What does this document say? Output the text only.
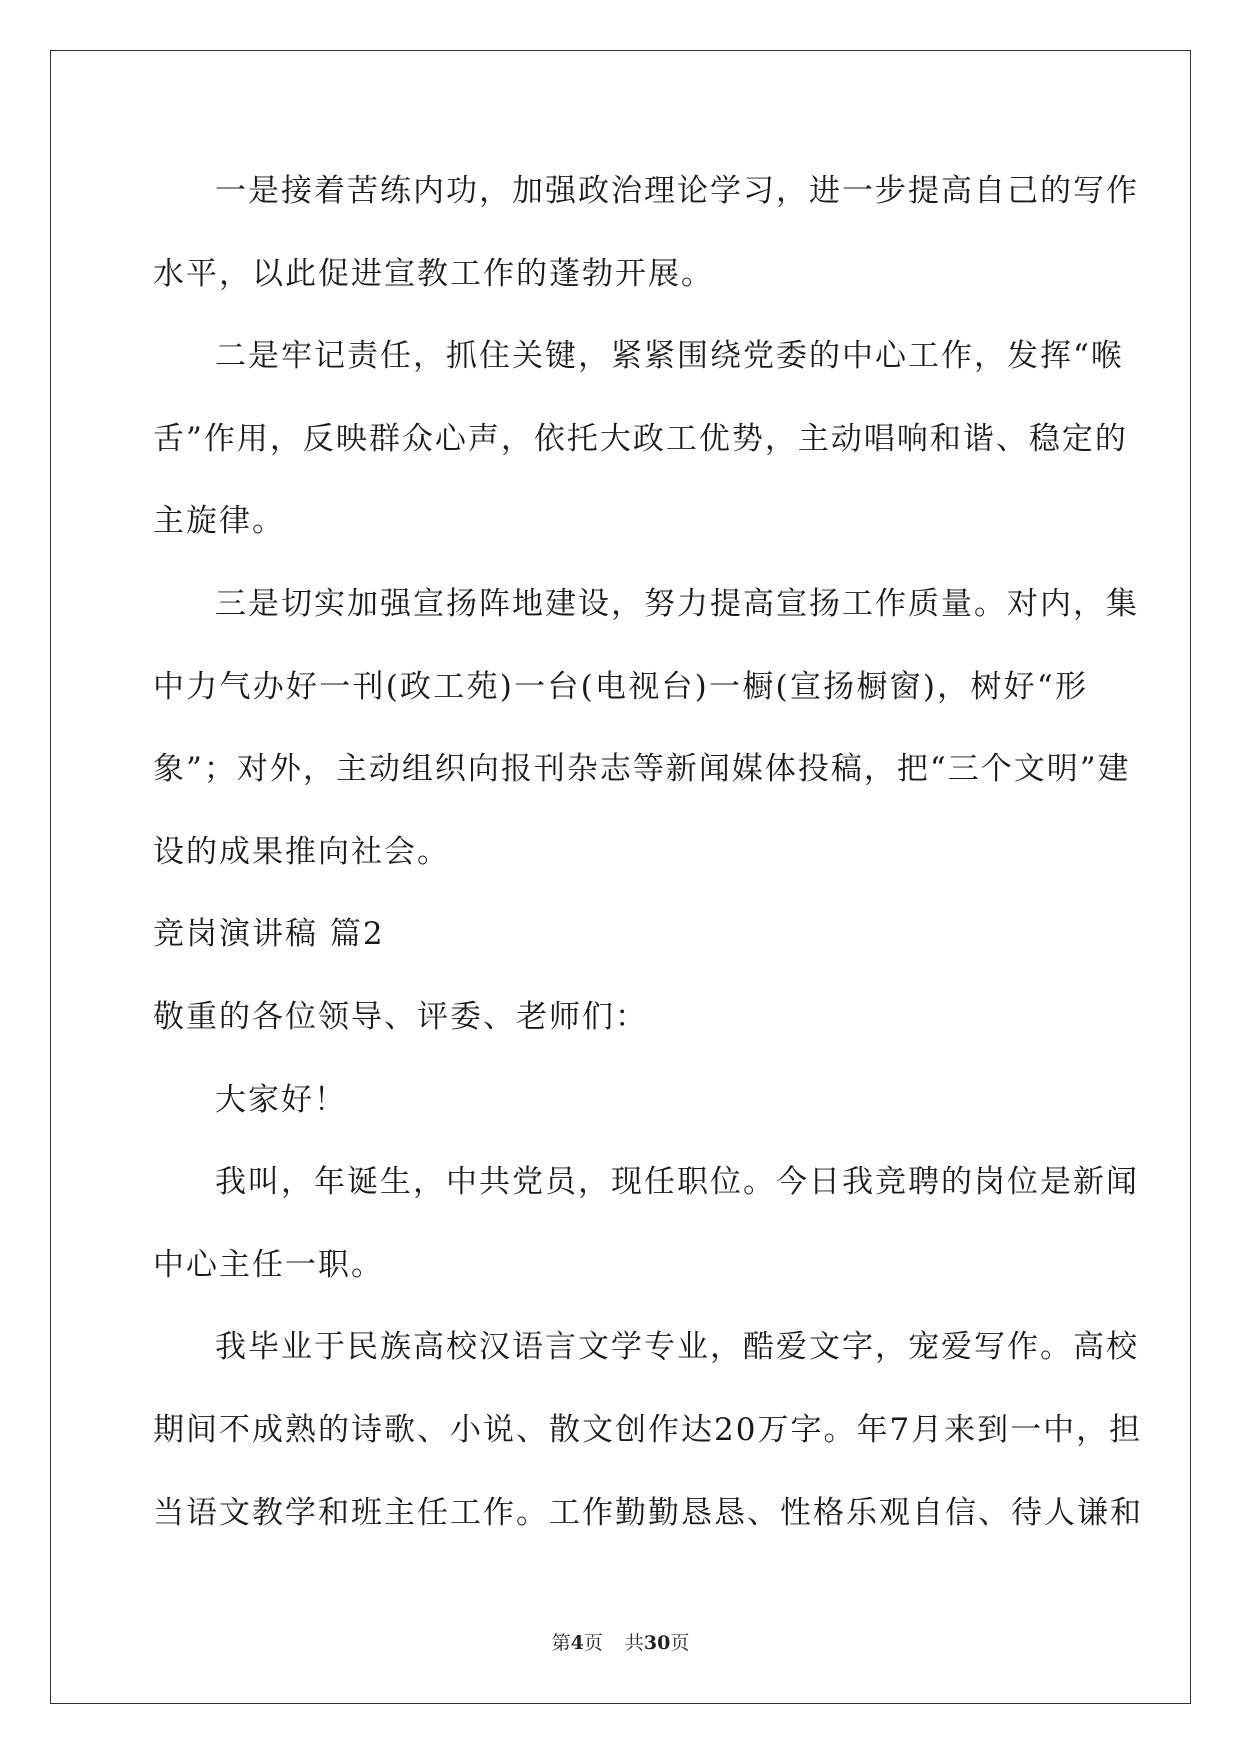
一是接着苦练内功，加强政治理论学习，进一步提高自己的写作
水平，以此促进宣教工作的蓬勃开展。
二是牢记责任，抓住关键，紧紧围绕党委的中心工作，发挥“喉
舌”作用，反映群众心声，依托大政工优势，主动唱响和谐、稳定的
主旋律。
三是切实加强宣扬阵地建设，努力提高宣扬工作质量。对内，集
中力气办好一刊(政工苑)一台(电视台)一橱(宣扬橱窗)，树好“形
象”；对外，主动组织向报刊杂志等新闻媒体投稿，把“三个文明”建
设的成果推向社会。
竞岗演讲稿 篇2
敬重的各位领导、评委、老师们：
大家好！
我叫，年诞生，中共党员，现任职位。今日我竞聘的岗位是新闻
中心主任一职。
我毕业于民族高校汉语言文学专业，酷爱文字，宠爱写作。高校
期间不成熟的诗歌、小说、散文创作达20万字。年7月来到一中，担
当语文教学和班主任工作。工作勤勤恳恳、性格乐观自信、待人谦和
第4页 共30页
